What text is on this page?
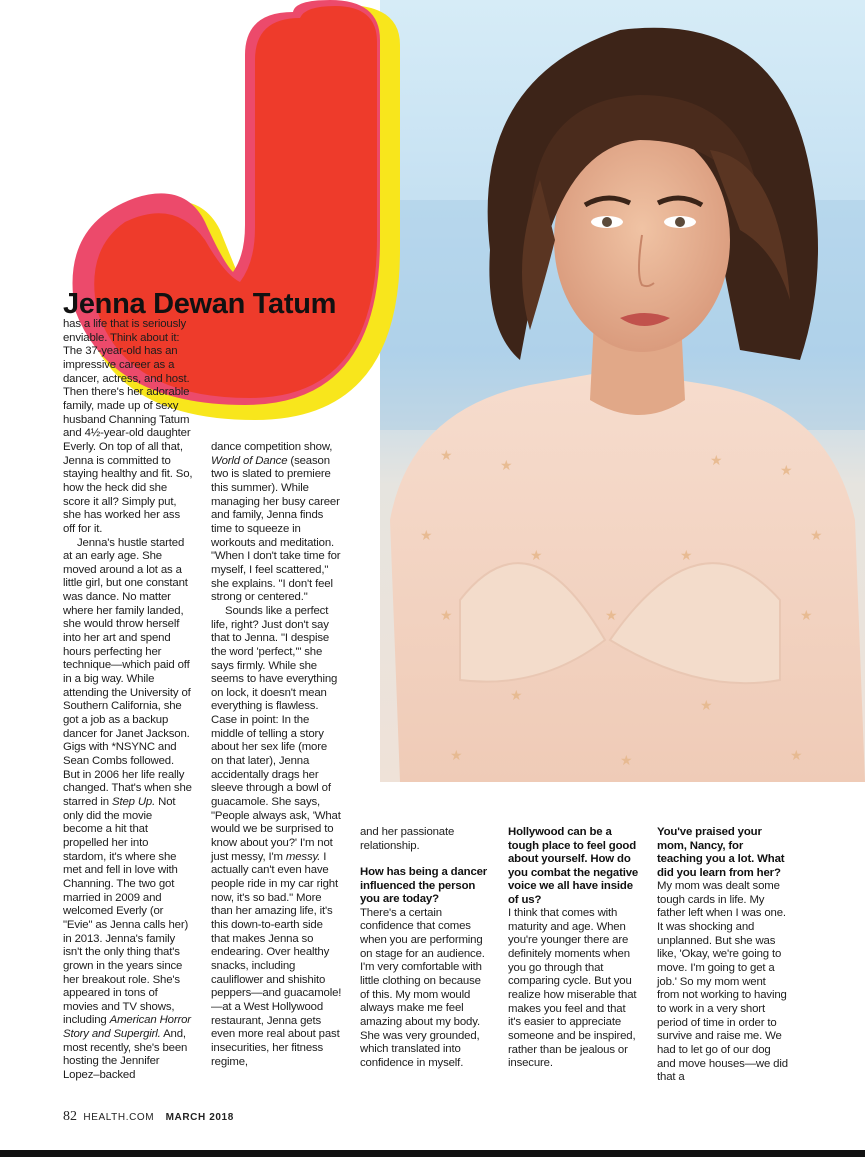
★
★	★
★
★	★
★	★
★	★	★
★
★
★	★	★
Jenna Dewan Tatum

has a life that is seriously enviable. Think about it: The 37-year-old has an impressive career as a dancer, actress, and host. Then there's her adorable family, made up of sexy husband Channing Tatum and 4½-year-old daughter Everly. On top of all that, Jenna is committed to staying healthy and fit. So, how the heck did she score it all? Simply put, she has worked her ass off for it.

Jenna's hustle started at an early age. She moved around a lot as a little girl, but one constant was dance. No matter where her family landed, she would throw herself into her art and spend hours perfecting her technique—which paid off in a big way. While attending the University of Southern California, she got a job as a backup dancer for Janet Jackson. Gigs with *NSYNC and Sean Combs followed. But in 2006 her life really changed. That's when she starred in Step Up. Not only did the movie become a hit that propelled her into stardom, it's where she met and fell in love with Channing. The two got married in 2009 and welcomed Everly (or "Evie" as Jenna calls her) in 2013. Jenna's family isn't the only thing that's grown in the years since her breakout role. She's appeared in tons of movies and TV shows, including American Horror Story and Supergirl. And, most recently, she's been hosting the Jennifer Lopez–backed

dance competition show, World of Dance (season two is slated to premiere this summer). While managing her busy career and family, Jenna finds time to squeeze in workouts and meditation. "When I don't take time for myself, I feel scattered," she explains. "I don't feel strong or centered."

Sounds like a perfect life, right? Just don't say that to Jenna. "I despise the word 'perfect,'" she says firmly. While she seems to have everything on lock, it doesn't mean everything is flawless. Case in point: In the middle of telling a story about her sex life (more on that later), Jenna accidentally drags her sleeve through a bowl of guacamole. She says, "People always ask, 'What would we be surprised to know about you?' I'm not just messy, I'm messy. I actually can't even have people ride in my car right now, it's so bad." More than her amazing life, it's this down-to-earth side that makes Jenna so endearing. Over healthy snacks, including cauliflower and shishito peppers—and guacamole!—at a West Hollywood restaurant, Jenna gets even more real about past insecurities, her fitness regime,

and her passionate relationship.

How has being a dancer influenced the person you are today?

There's a certain confidence that comes when you are performing on stage for an audience. I'm very comfortable with little clothing on because of this. My mom would always make me feel amazing about my body. She was very grounded, which translated into confidence in myself.

Hollywood can be a tough place to feel good about yourself. How do you combat the negative voice we all have inside of us?

I think that comes with maturity and age. When you're younger there are definitely moments when you go through that comparing cycle. But you realize how miserable that makes you feel and that it's easier to appreciate someone and be inspired, rather than be jealous or insecure.

You've praised your mom, Nancy, for teaching you a lot. What did you learn from her?

My mom was dealt some tough cards in life. My father left when I was one. It was shocking and unplanned. But she was like, 'Okay, we're going to move. I'm going to get a job.' So my mom went from not working to having to work in a very short period of time in order to survive and raise me. We had to let go of our dog and move houses—we did that a

82 HEALTH.COM MARCH 2018
